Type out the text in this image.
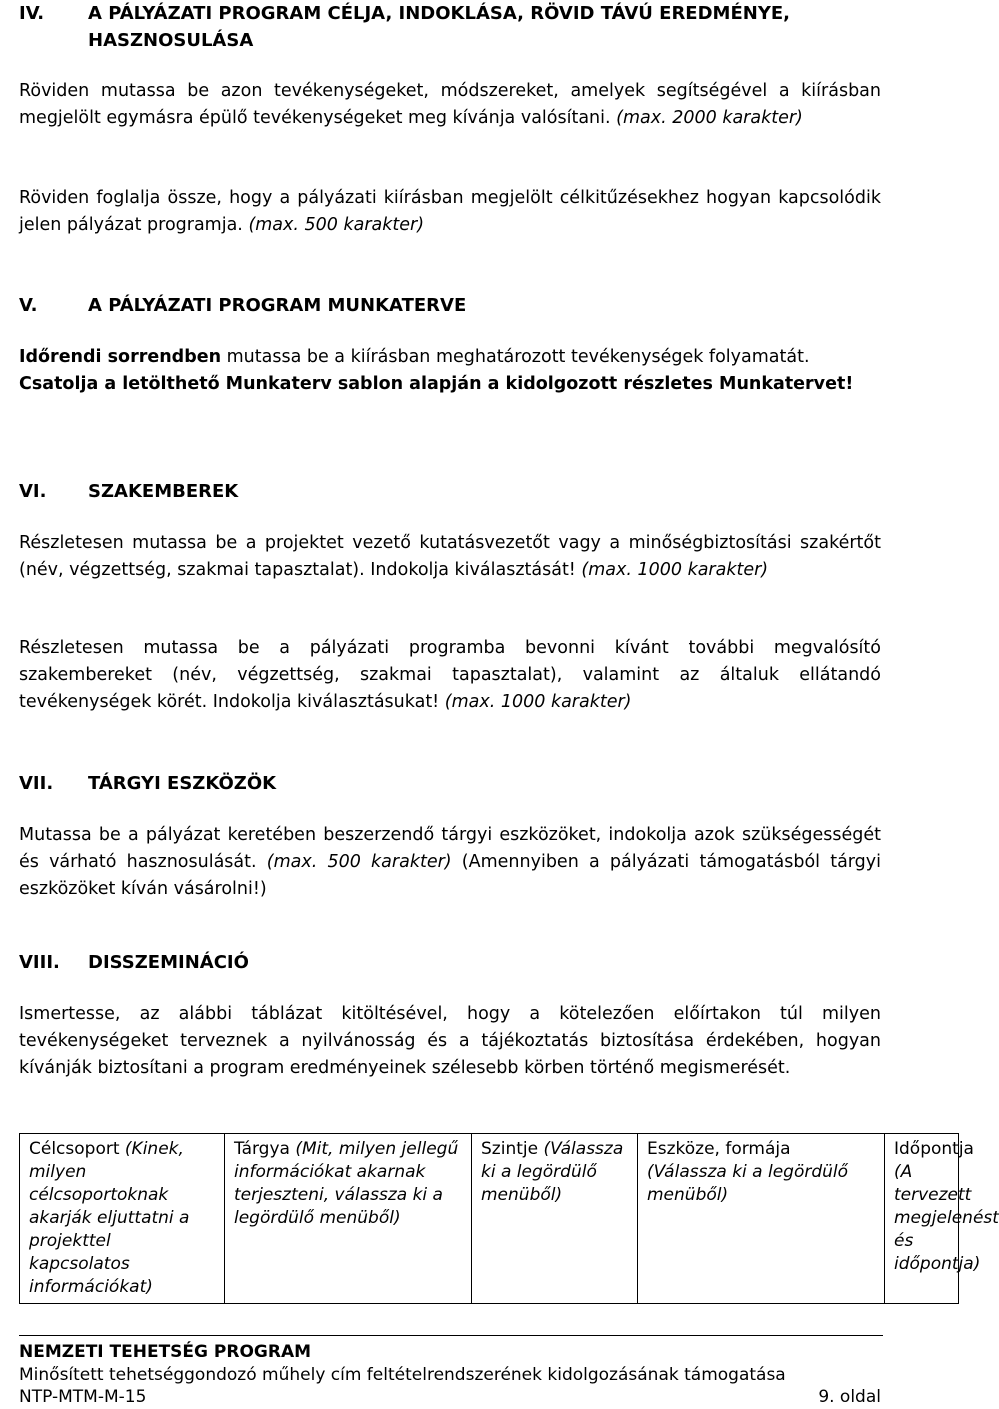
IV. A PÁLYÁZATI PROGRAM CÉLJA, INDOKLÁSA, RÖVID TÁVÚ EREDMÉNYE, HASZNOSULÁSA

Röviden mutassa be azon tevékenységeket, módszereket, amelyek segítségével a kiírásban megjelölt egymásra épülő tevékenységeket meg kívánja valósítani. (max. 2000 karakter)

Röviden foglalja össze, hogy a pályázati kiírásban megjelölt célkitűzésekhez hogyan kapcsolódik jelen pályázat programja. (max. 500 karakter)

V.	A PÁLYÁZATI PROGRAM MUNKATERVE

Időrendi sorrendben mutassa be a kiírásban meghatározott tevékenységek folyamatát.

Csatolja a letölthető Munkaterv sablon alapján a kidolgozott részletes Munkatervet!

VI. SZAKEMBEREK

Részletesen mutassa be a projektet vezető kutatásvezetőt vagy a minőségbiztosítási szakértőt (név, végzettség, szakmai tapasztalat). Indokolja kiválasztását! (max. 1000 karakter)

Részletesen mutassa be a pályázati programba bevonni kívánt további megvalósító szakembereket (név, végzettség, szakmai tapasztalat), valamint az általuk ellátandó tevékenységek körét. Indokolja kiválasztásukat! (max. 1000 karakter)

VII. TÁRGYI ESZKÖZÖK

Mutassa be a pályázat keretében beszerzendő tárgyi eszközöket, indokolja azok szükségességét és várható hasznosulását. (max. 500 karakter) (Amennyiben a pályázati támogatásból tárgyi eszközöket kíván vásárolni!)

VIII. DISSZEMINÁCIÓ

Ismertesse, az alábbi táblázat kitöltésével, hogy a kötelezően előírtakon túl milyen tevékenységeket terveznek a nyilvánosság és a tájékoztatás biztosítása érdekében, hogyan kívánják biztosítani a program eredményeinek szélesebb körben történő megismerését.

Célcsoport (Kinek, milyen célcsoportoknak akarják eljuttatni a projekttel kapcsolatos információkat)	Tárgya (Mit, milyen jellegű információkat akarnak terjeszteni, válassza ki a legördülő menüből)	Szintje (Válassza ki a legördülő menüből)	Eszköze, formája (Válassza ki a legördülő menüből)	Időpontja (A tervezett megjelenést és időpontja)
NEMZETI TEHETSÉG PROGRAM
Minősített tehetséggondozó műhely cím feltételrendszerének kidolgozásának támogatása
NTP-MTM-M-15	9. oldal
